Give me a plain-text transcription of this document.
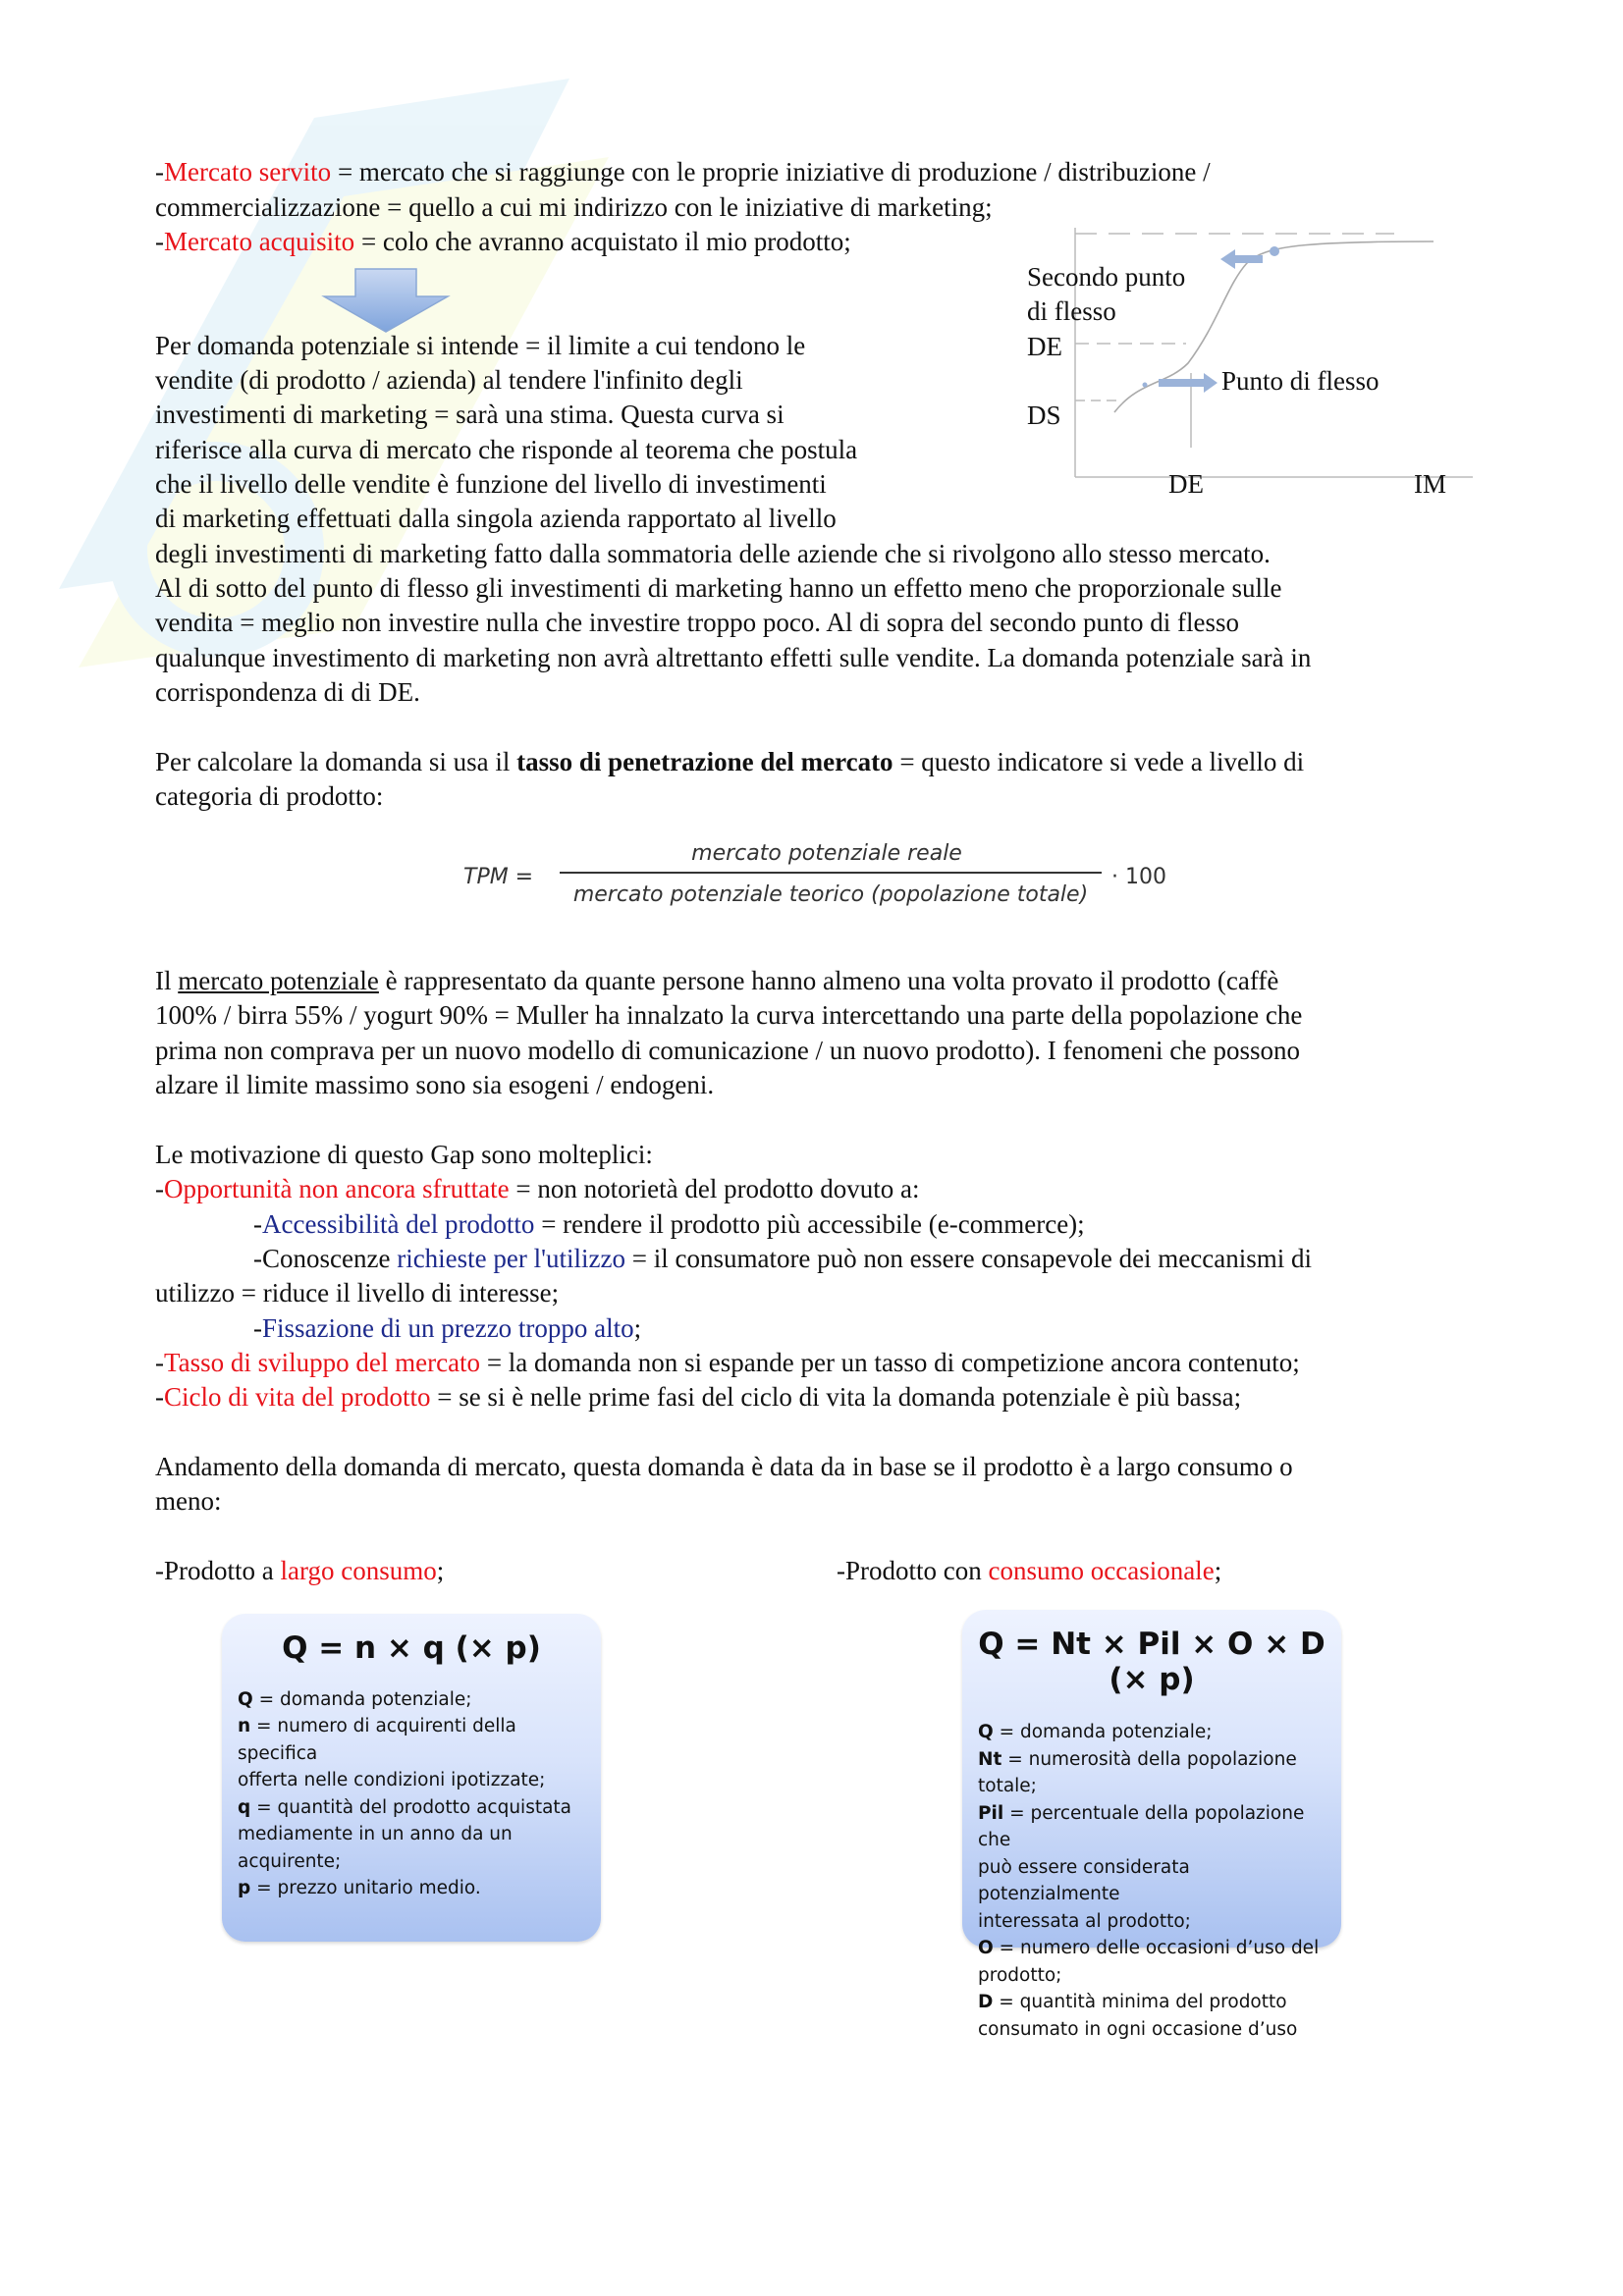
-Mercato servito = mercato che si raggiunge con le proprie iniziative di produzione / distribuzione /
commercializzazione = quello a cui mi indirizzo con le iniziative di marketing;
-Mercato acquisito = colo che avranno acquistato il mio prodotto;
Per domanda potenziale si intende = il limite a cui tendono le
vendite (di prodotto / azienda) al tendere l'infinito degli
investimenti di marketing = sarà una stima. Questa curva si
riferisce alla curva di mercato che risponde al teorema che postula
che il livello delle vendite è funzione del livello di investimenti
di marketing effettuati dalla singola azienda rapportato al livello
degli investimenti di marketing fatto dalla sommatoria delle aziende che si rivolgono allo stesso mercato.
Al di sotto del punto di flesso gli investimenti di marketing hanno un effetto meno che proporzionale sulle
vendita = meglio non investire nulla che investire troppo poco. Al di sopra del secondo punto di flesso
qualunque investimento di marketing non avrà altrettanto effetti sulle vendite. La domanda potenziale sarà in
corrispondenza di di DE.
Secondo punto
di flesso
DE
Punto di flesso
DS
DE	IM
Per calcolare la domanda si usa il tasso di penetrazione del mercato = questo indicatore si vede a livello di
categoria di prodotto:
TPM =
mercato potenziale reale
mercato potenziale teorico (popolazione totale)
· 100
Il mercato potenziale è rappresentato da quante persone hanno almeno una volta provato il prodotto (caffè
100% / birra 55% / yogurt 90% = Muller ha innalzato la curva intercettando una parte della popolazione che
prima non comprava per un nuovo modello di comunicazione / un nuovo prodotto). I fenomeni che possono
alzare il limite massimo sono sia esogeni / endogeni.
Le motivazione di questo Gap sono molteplici:
-Opportunità non ancora sfruttate = non notorietà del prodotto dovuto a:
-Accessibilità del prodotto = rendere il prodotto più accessibile (e-commerce);
-Conoscenze richieste per l'utilizzo = il consumatore può non essere consapevole dei meccanismi di
utilizzo = riduce il livello di interesse;
-Fissazione di un prezzo troppo alto;
-Tasso di sviluppo del mercato = la domanda non si espande per un tasso di competizione ancora contenuto;
-Ciclo di vita del prodotto = se si è nelle prime fasi del ciclo di vita la domanda potenziale è più bassa;
Andamento della domanda di mercato, questa domanda è data da in base se il prodotto è a largo consumo o
meno:
-Prodotto a largo consumo;	-Prodotto con consumo occasionale;
Q = n × q (× p)
Q = domanda potenziale;
n = numero di acquirenti della specifica
offerta nelle condizioni ipotizzate;
q = quantità del prodotto acquistata
mediamente in un anno da un
acquirente;
p = prezzo unitario medio.
Q = Nt × Pil × O × D (× p)
Q = domanda potenziale;
Nt = numerosità della popolazione totale;
Pil = percentuale della popolazione che
può essere considerata potenzialmente
interessata al prodotto;
O = numero delle occasioni d’uso del
prodotto;
D = quantità minima del prodotto
consumato in ogni occasione d’uso
